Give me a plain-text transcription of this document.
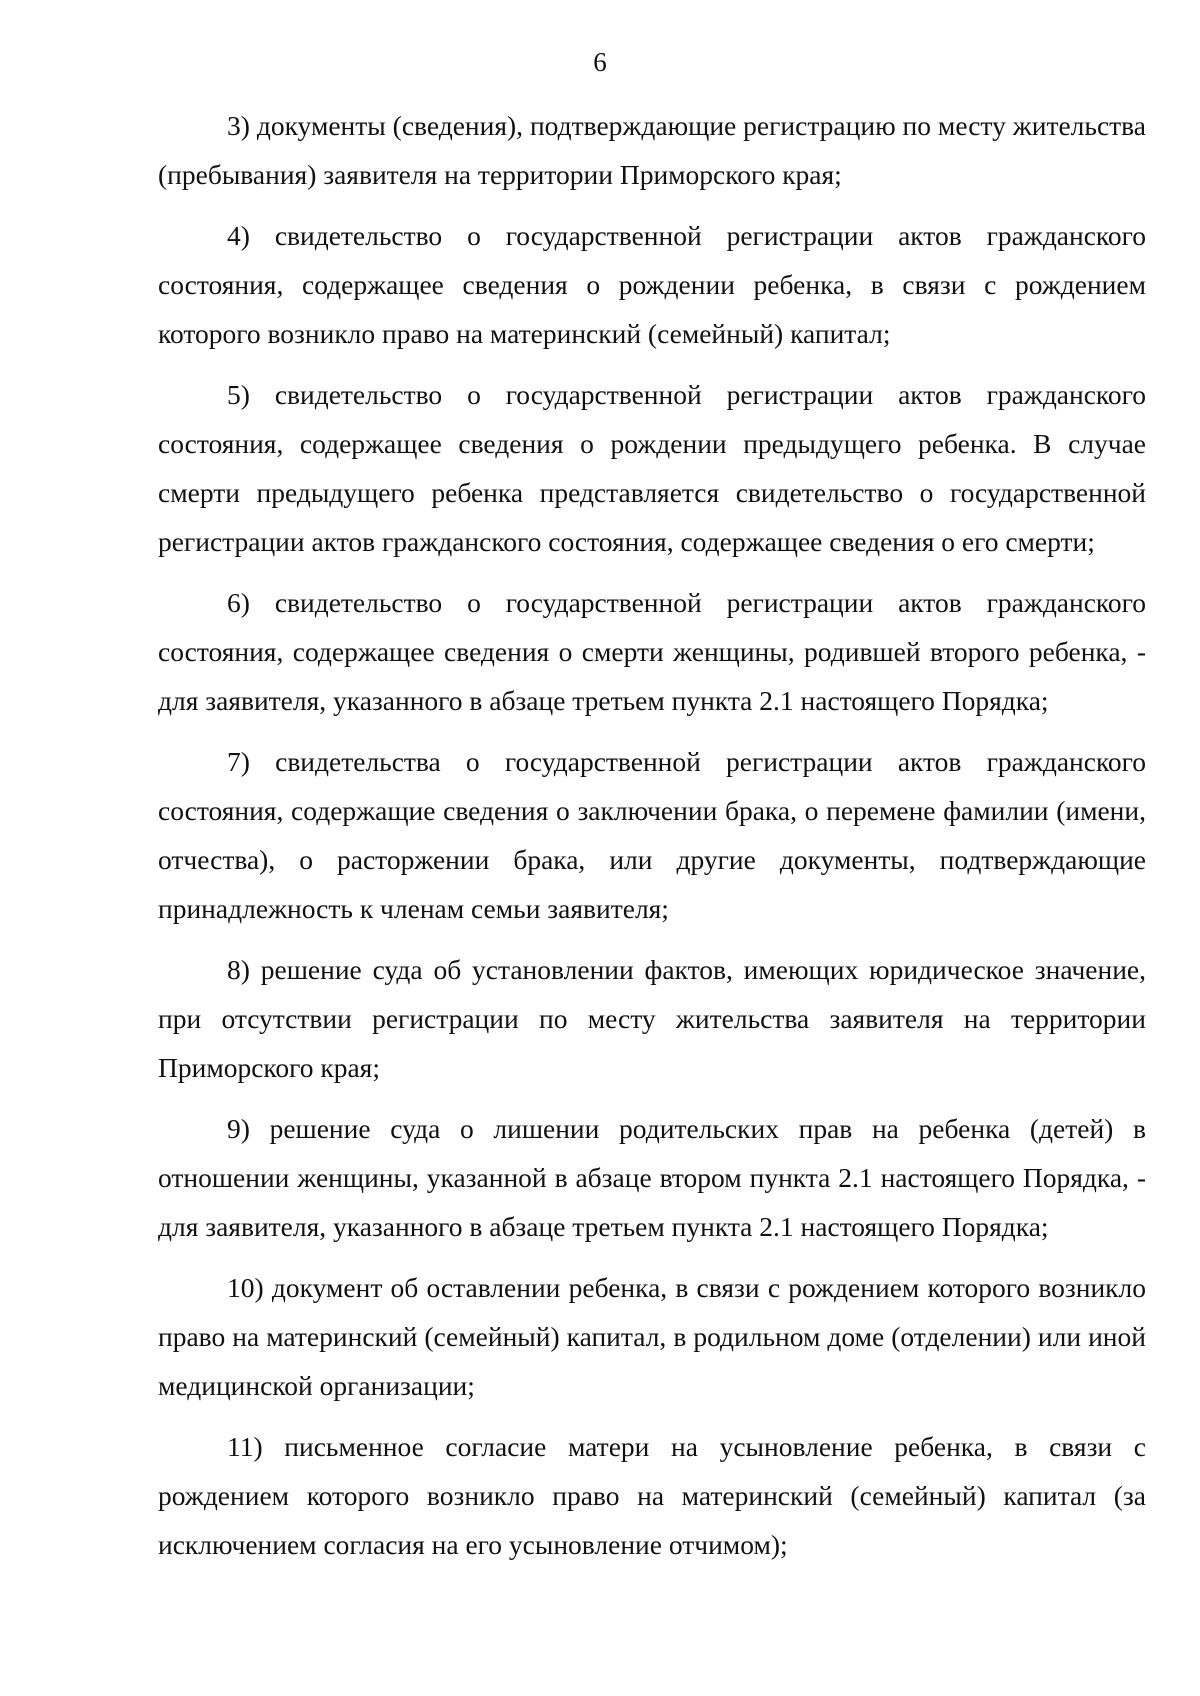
6

3) документы (сведения), подтверждающие регистрацию по месту жительства (пребывания) заявителя на территории Приморского края;

4) свидетельство о государственной регистрации актов гражданского состояния, содержащее сведения о рождении ребенка, в связи с рождением которого возникло право на материнский (семейный) капитал;

5) свидетельство о государственной регистрации актов гражданского состояния, содержащее сведения о рождении предыдущего ребенка. В случае смерти предыдущего ребенка представляется свидетельство о государственной регистрации актов гражданского состояния, содержащее сведения о его смерти;

6) свидетельство о государственной регистрации актов гражданского состояния, содержащее сведения о смерти женщины, родившей второго ребенка, - для заявителя, указанного в абзаце третьем пункта 2.1 настоящего Порядка;

7) свидетельства о государственной регистрации актов гражданского состояния, содержащие сведения о заключении брака, о перемене фамилии (имени, отчества), о расторжении брака, или другие документы, подтверждающие принадлежность к членам семьи заявителя;

8) решение суда об установлении фактов, имеющих юридическое значение, при отсутствии регистрации по месту жительства заявителя на территории Приморского края;

9) решение суда о лишении родительских прав на ребенка (детей) в отношении женщины, указанной в абзаце втором пункта 2.1 настоящего Порядка, - для заявителя, указанного в абзаце третьем пункта 2.1 настоящего Порядка;

10) документ об оставлении ребенка, в связи с рождением которого возникло право на материнский (семейный) капитал, в родильном доме (отделении) или иной медицинской организации;

11) письменное согласие матери на усыновление ребенка, в связи с рождением которого возникло право на материнский (семейный) капитал (за исключением согласия на его усыновление отчимом);
